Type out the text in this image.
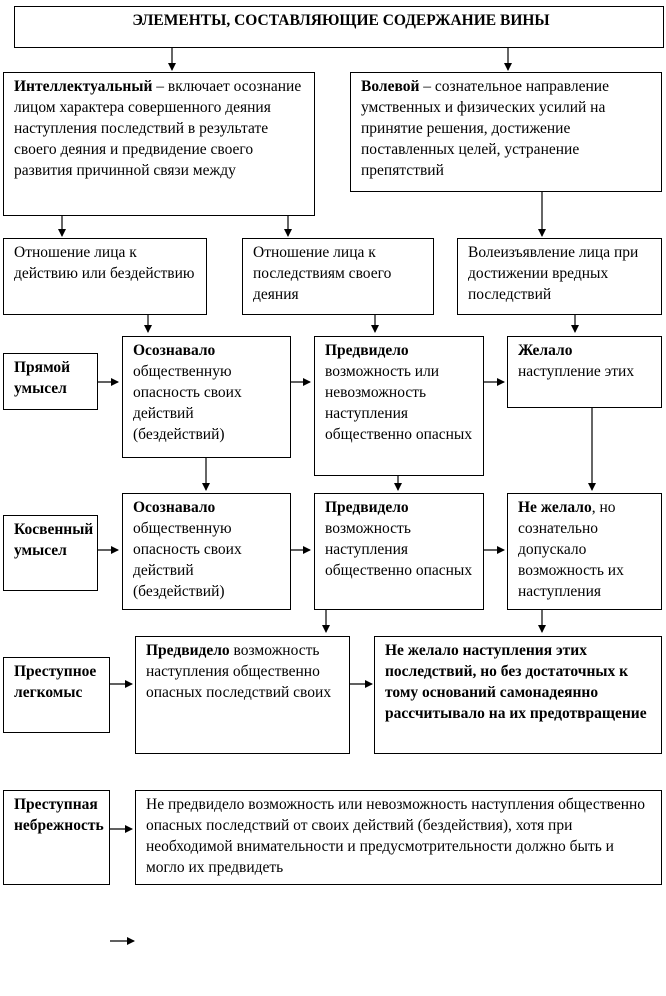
ЭЛЕМЕНТЫ, СОСТАВЛЯЮЩИЕ СОДЕРЖАНИЕ ВИНЫ
Интеллектуальный – включает осознание лицом характера совершенного деяния наступления последствий в результате своего деяния и предвидение своего развития причинной связи между
Волевой – сознательное направление умственных и физических усилий на принятие решения, достижение поставленных целей, устранение препятствий
Отношение лица к действию или бездействию
Отношение лица к последствиям своего деяния
Волеизъявление лица при достижении вредных последствий
Прямой умысел
Осознавало общественную опасность своих действий (бездействий)
Предвидело возможность или невозможность наступления общественно опасных
Желало наступление этих
Косвенный умысел
Осознавало общественную опасность своих действий (бездействий)
Предвидело возможность наступления общественно опасных
Не желало, но сознательно допускало возможность их наступления
Преступное легкомыс
Предвидело возможность наступления общественно опасных последствий своих
Не желало наступления этих последствий, но без достаточных к тому оснований самонадеянно рассчитывало на их предотвращение
Преступная небрежность
Не предвидело возможность или невозможность наступления общественно опасных последствий от своих действий (бездействия), хотя при необходимой внимательности и предусмотрительности должно быть и могло их предвидеть
